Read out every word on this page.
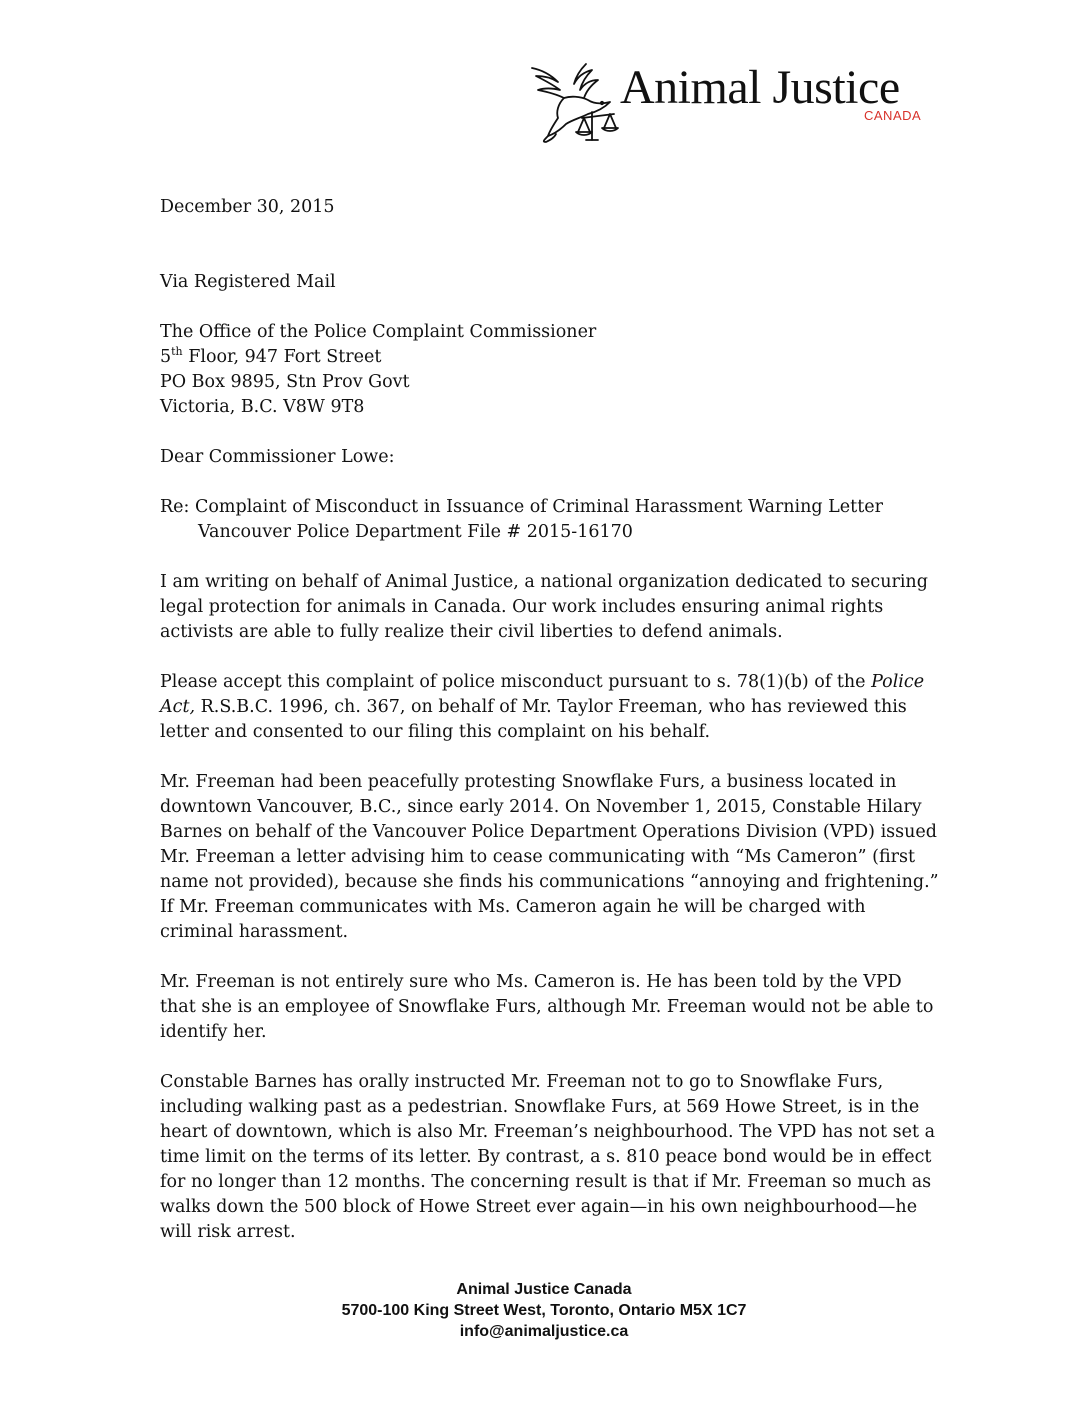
Animal Justice
CANADA

December 30, 2015

Via Registered Mail

The Office of the Police Complaint Commissioner

5th Floor, 947 Fort Street

PO Box 9895, Stn Prov Govt

Victoria, B.C. V8W 9T8

Dear Commissioner Lowe:

Re: Complaint of Misconduct in Issuance of Criminal Harassment Warning Letter

Vancouver Police Department File # 2015-16170

I am writing on behalf of Animal Justice, a national organization dedicated to securing legal protection for animals in Canada. Our work includes ensuring animal rights activists are able to fully realize their civil liberties to defend animals.

Please accept this complaint of police misconduct pursuant to s. 78(1)(b) of the Police Act, R.S.B.C. 1996, ch. 367, on behalf of Mr. Taylor Freeman, who has reviewed this letter and consented to our filing this complaint on his behalf.

Mr. Freeman had been peacefully protesting Snowflake Furs, a business located in downtown Vancouver, B.C., since early 2014. On November 1, 2015, Constable Hilary Barnes on behalf of the Vancouver Police Department Operations Division (VPD) issued Mr. Freeman a letter advising him to cease communicating with “Ms Cameron” (first name not provided), because she finds his communications “annoying and frightening.” If Mr. Freeman communicates with Ms. Cameron again he will be charged with criminal harassment.

Mr. Freeman is not entirely sure who Ms. Cameron is. He has been told by the VPD that she is an employee of Snowflake Furs, although Mr. Freeman would not be able to identify her.

Constable Barnes has orally instructed Mr. Freeman not to go to Snowflake Furs, including walking past as a pedestrian. Snowflake Furs, at 569 Howe Street, is in the heart of downtown, which is also Mr. Freeman’s neighbourhood. The VPD has not set a time limit on the terms of its letter. By contrast, a s. 810 peace bond would be in effect for no longer than 12 months. The concerning result is that if Mr. Freeman so much as walks down the 500 block of Howe Street ever again—in his own neighbourhood—he will risk arrest.

Animal Justice Canada
5700-100 King Street West, Toronto, Ontario M5X 1C7
info@animaljustice.ca
